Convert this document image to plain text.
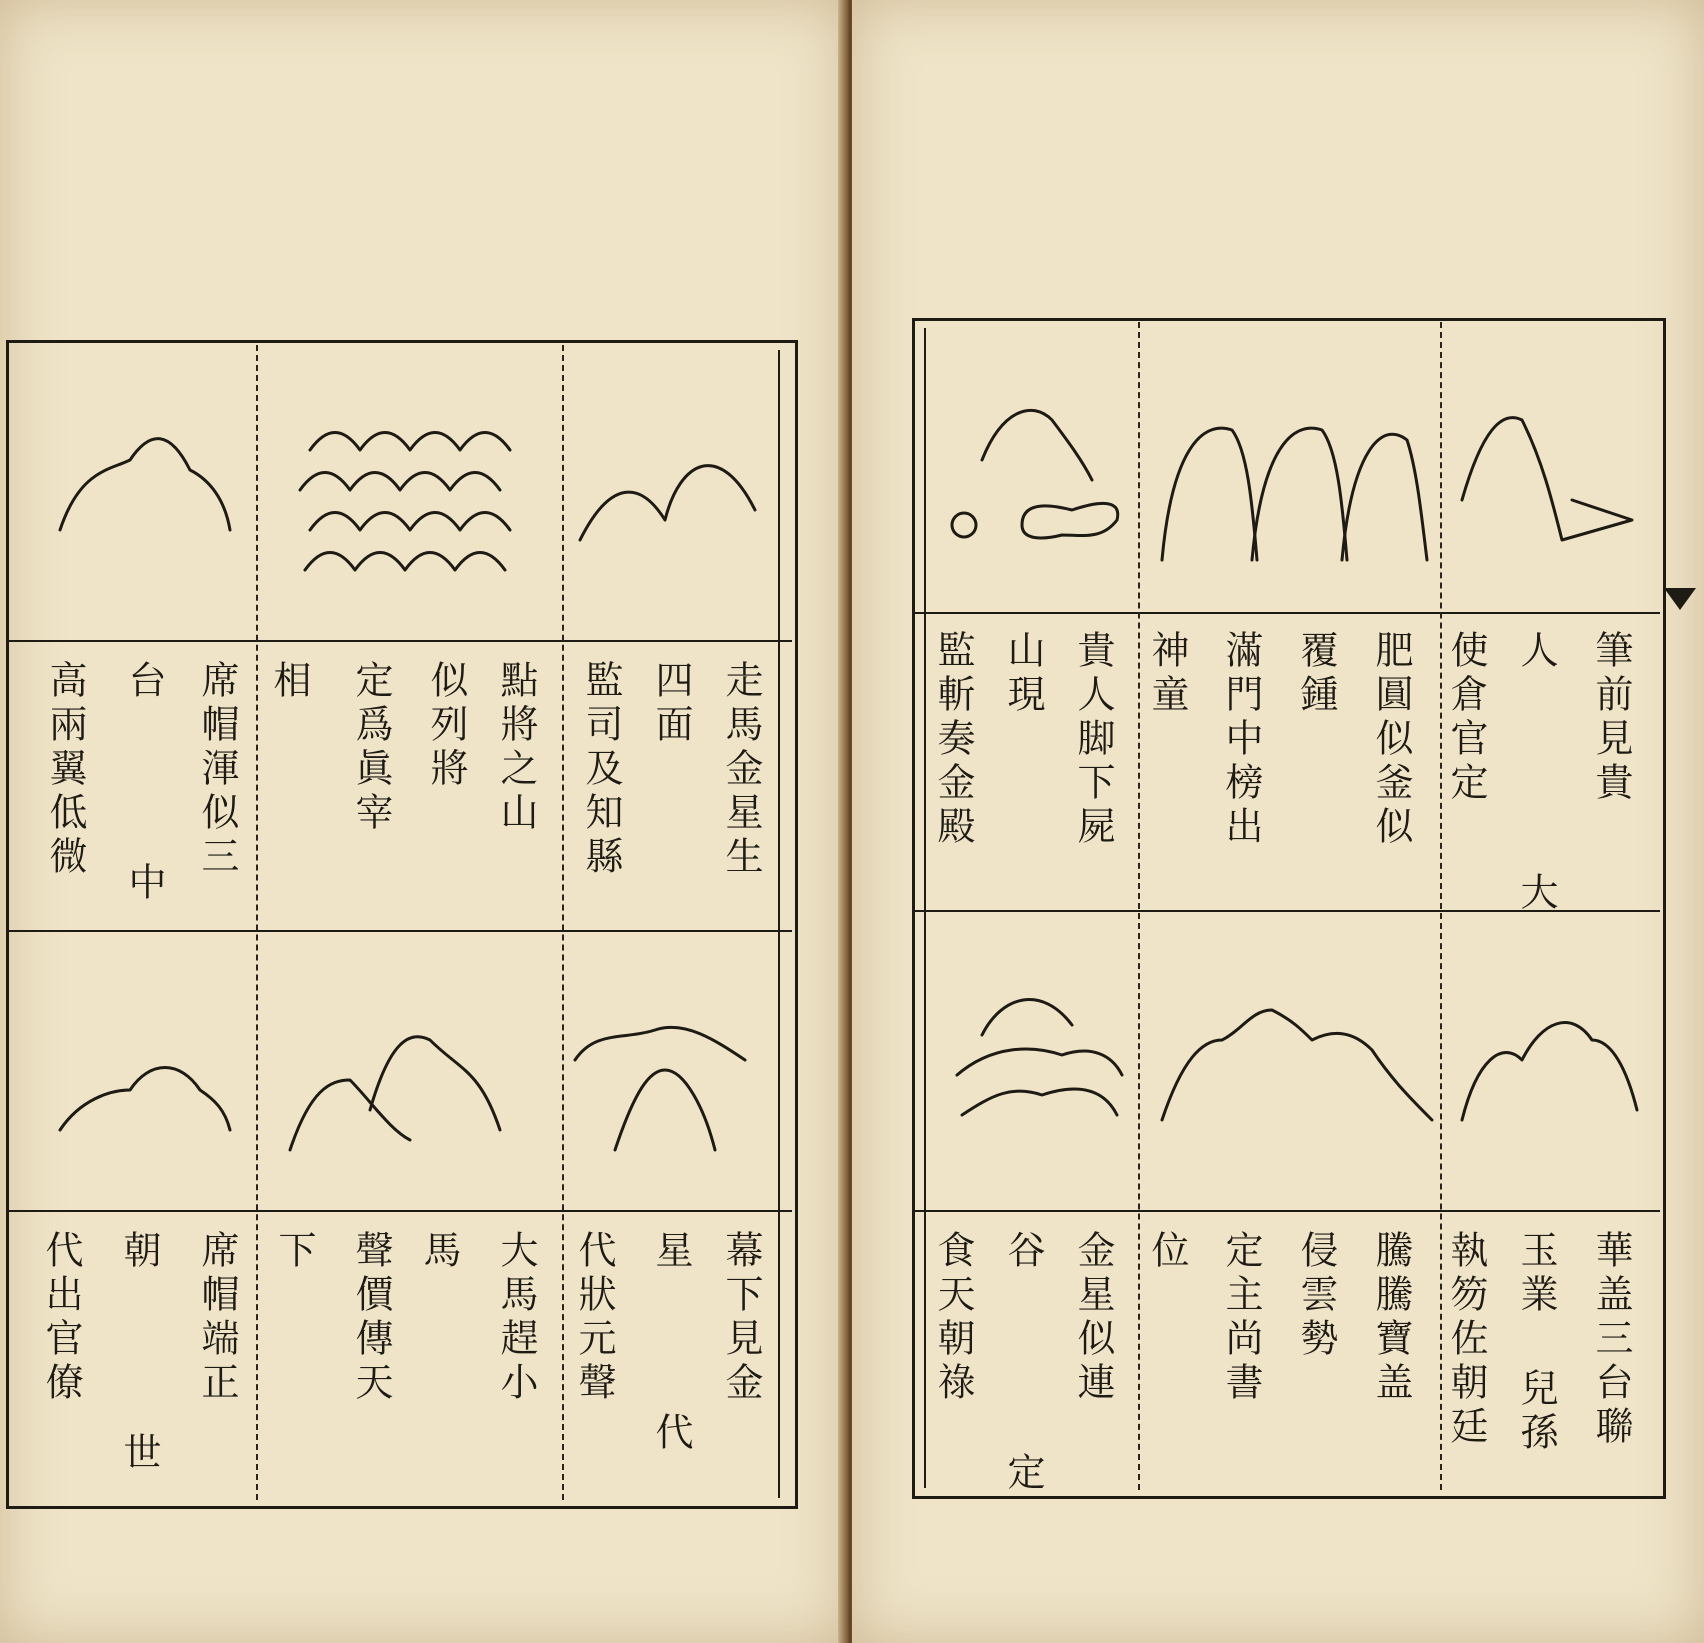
走馬金星生
四面
監司及知縣
點將之山
似列將
定爲眞宰
相
席帽渾似三
台 中
高兩翼低微
幕下見金
星 代
代狀元聲
大馬趕小
馬
聲價傳天
下
席帽端正
朝 世
代出官僚
筆前見貴
人 大
使倉官定
肥圓似釜似
覆鍾
滿門中榜出
神童
貴人脚下屍
山現
監斬奏金殿
華盖三台聯
玉業 兒孫
執笏佐朝廷
騰騰寶盖
侵雲勢
定主尚書
位
金星似連
谷 定
食天朝祿
